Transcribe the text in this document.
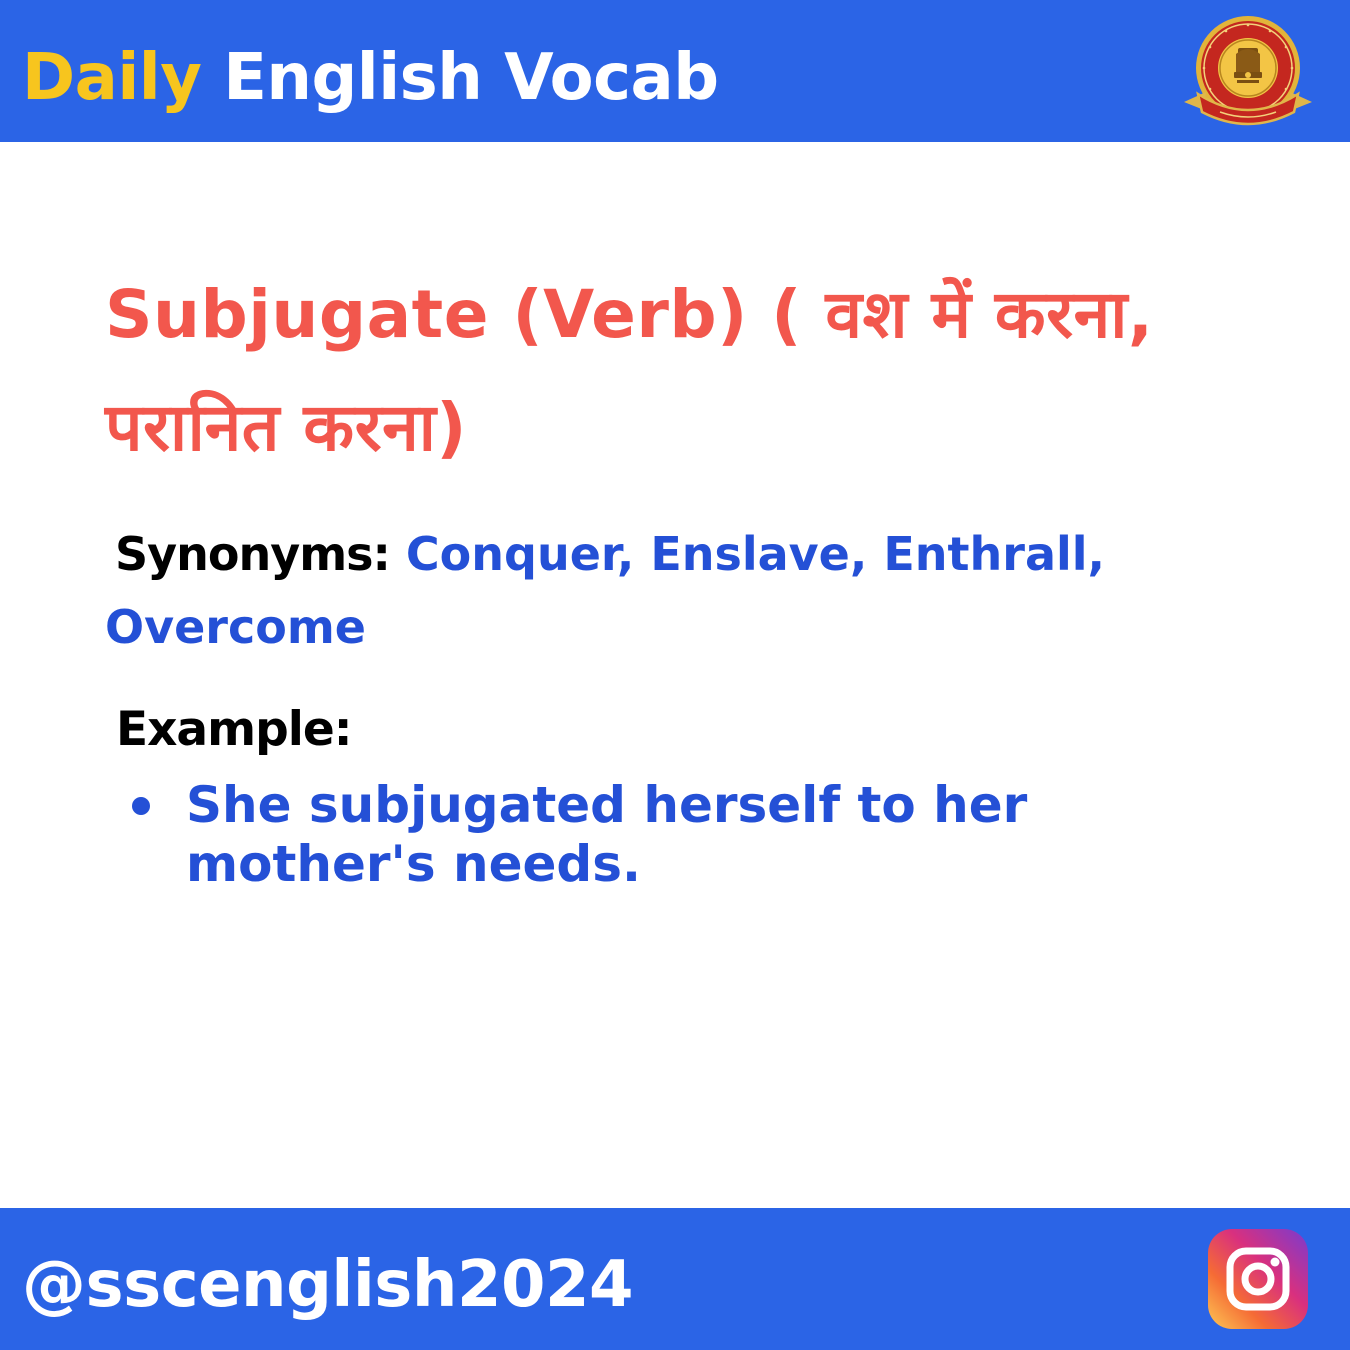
Daily English Vocab
Subjugate (Verb) ( वश में करना, परानित करना)
Synonyms: Conquer, Enslave, Enthrall, Overcome
Example:
She subjugated herself to her mother's needs.
@sscenglish2024
